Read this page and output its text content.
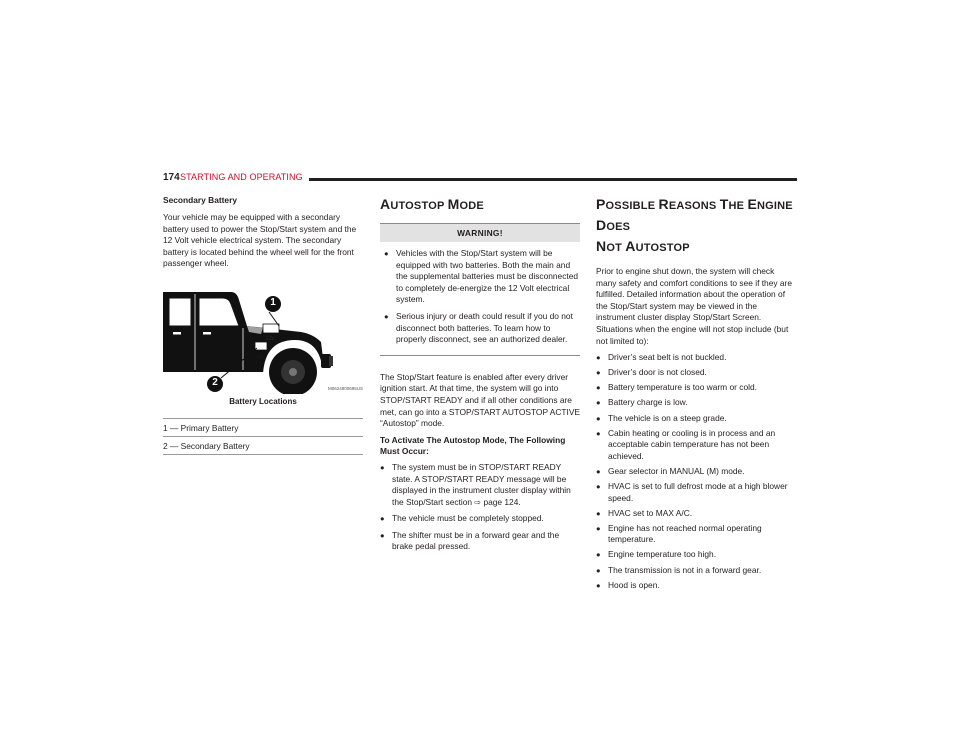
174 STARTING AND OPERATING
Secondary Battery

Your vehicle may be equipped with a secondary battery used to power the Stop/Start system and the 12 Volt vehicle electrical system. The secondary battery is located behind the wheel well for the front passenger wheel.

1
2
12v
12v
M0624800695US
Battery Locations
1 — Primary Battery
2 — Secondary Battery
AUTOSTOP MODE
WARNING!
● Vehicles with the Stop/Start system will be equipped with two batteries. Both the main and the supplemental batteries must be disconnected to completely de-energize the 12 Volt electrical system.
● Serious injury or death could result if you do not disconnect both batteries. To learn how to properly disconnect, see an authorized dealer.

The Stop/Start feature is enabled after every driver ignition start. At that time, the system will go into STOP/START READY and if all other conditions are met, can go into a STOP/START AUTOSTOP ACTIVE “Autostop” mode.

To Activate The Autostop Mode, The Following Must Occur:
● The system must be in STOP/START READY state. A STOP/START READY message will be displayed in the instrument cluster display within the Stop/Start section ⇨ page 124.
● The vehicle must be completely stopped.
● The shifter must be in a forward gear and the brake pedal pressed.
POSSIBLE REASONS THE ENGINE DOES
NOT AUTOSTOP

Prior to engine shut down, the system will check many safety and comfort conditions to see if they are fulfilled. Detailed information about the operation of the Stop/Start system may be viewed in the instrument cluster display Stop/Start Screen. Situations when the engine will not stop include (but not limited to):

● Driver’s seat belt is not buckled.
● Driver’s door is not closed.
● Battery temperature is too warm or cold.
● Battery charge is low.
● The vehicle is on a steep grade.
● Cabin heating or cooling is in process and an acceptable cabin temperature has not been achieved.
● Gear selector in MANUAL (M) mode.
● HVAC is set to full defrost mode at a high blower speed.
● HVAC set to MAX A/C.
● Engine has not reached normal operating temperature.
● Engine temperature too high.
● The transmission is not in a forward gear.
● Hood is open.
